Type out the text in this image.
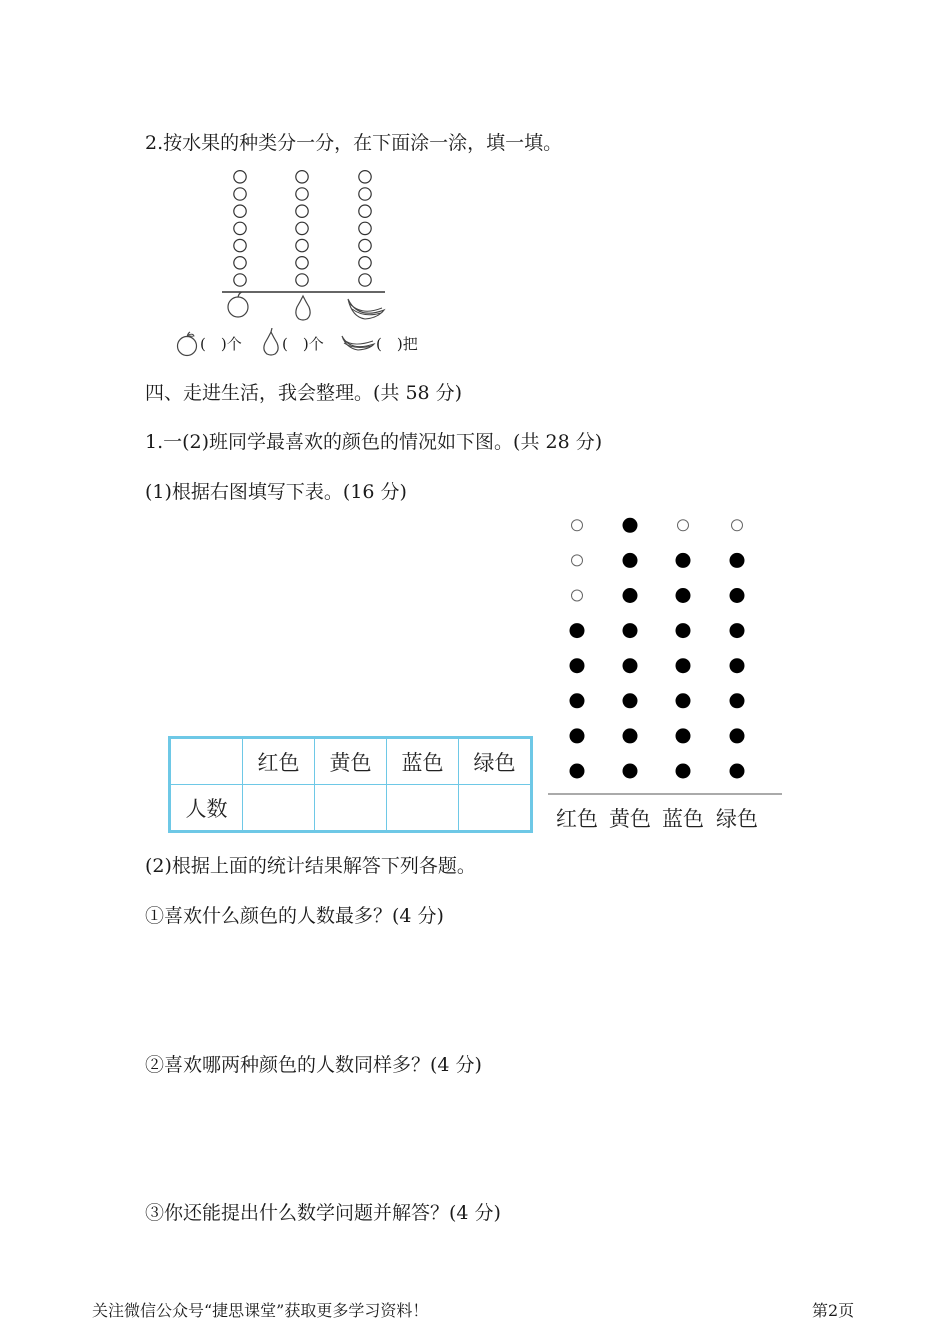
2.按水果的种类分一分，在下面涂一涂，填一填。
(　)个	(　)个	(　)把
四、走进生活，我会整理。(共 58 分)
1.一(2)班同学最喜欢的颜色的情况如下图。(共 28 分)
(1)根据右图填写下表。(16 分)
红色 黄色 蓝色 绿色
	红色	黄色	蓝色	绿色
人数				
(2)根据上面的统计结果解答下列各题。
①喜欢什么颜色的人数最多？(4 分)
②喜欢哪两种颜色的人数同样多？(4 分)
③你还能提出什么数学问题并解答？(4 分)
关注微信公众号“捷思课堂”获取更多学习资料！	第2页
